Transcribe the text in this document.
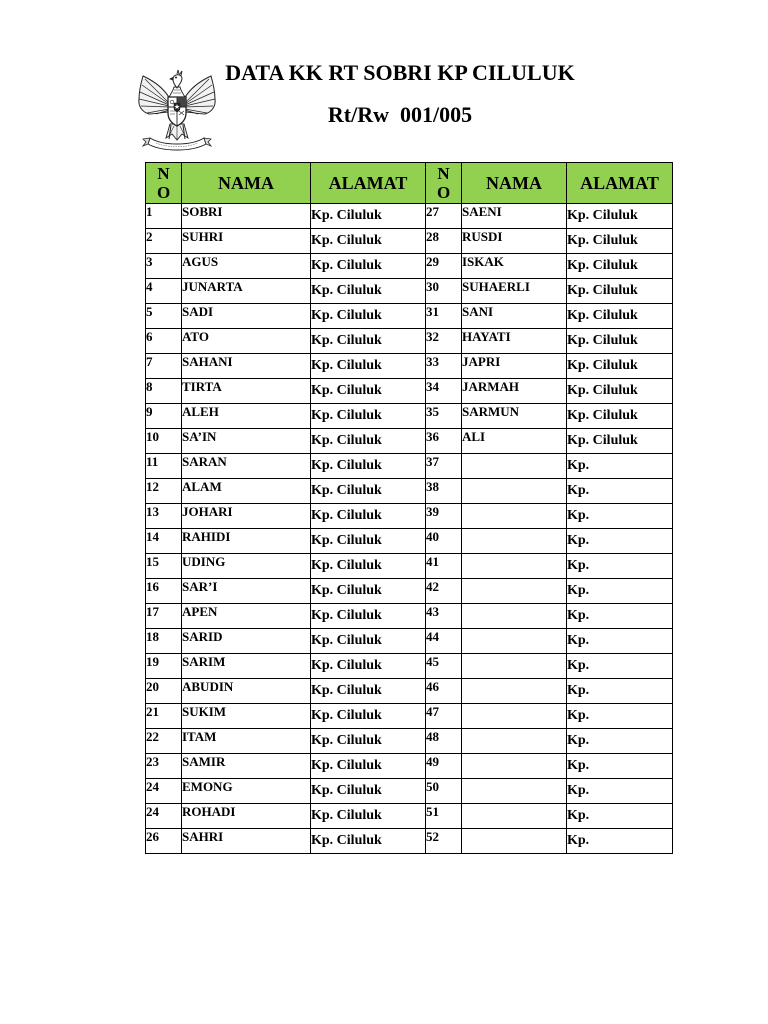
DATA KK RT SOBRI KP CILULUK
Rt/Rw  001/005
NO	NAMA	ALAMAT	NO	NAMA	ALAMAT
1	SOBRI	Kp. Ciluluk	27	SAENI	Kp. Ciluluk
2	SUHRI	Kp. Ciluluk	28	RUSDI	Kp. Ciluluk
3	AGUS	Kp. Ciluluk	29	ISKAK	Kp. Ciluluk
4	JUNARTA	Kp. Ciluluk	30	SUHAERLI	Kp. Ciluluk
5	SADI	Kp. Ciluluk	31	SANI	Kp. Ciluluk
6	ATO	Kp. Ciluluk	32	HAYATI	Kp. Ciluluk
7	SAHANI	Kp. Ciluluk	33	JAPRI	Kp. Ciluluk
8	TIRTA	Kp. Ciluluk	34	JARMAH	Kp. Ciluluk
9	ALEH	Kp. Ciluluk	35	SARMUN	Kp. Ciluluk
10	SA’IN	Kp. Ciluluk	36	ALI	Kp. Ciluluk
11	SARAN	Kp. Ciluluk	37		Kp.
12	ALAM	Kp. Ciluluk	38		Kp.
13	JOHARI	Kp. Ciluluk	39		Kp.
14	RAHIDI	Kp. Ciluluk	40		Kp.
15	UDING	Kp. Ciluluk	41		Kp.
16	SAR’I	Kp. Ciluluk	42		Kp.
17	APEN	Kp. Ciluluk	43		Kp.
18	SARID	Kp. Ciluluk	44		Kp.
19	SARIM	Kp. Ciluluk	45		Kp.
20	ABUDIN	Kp. Ciluluk	46		Kp.
21	SUKIM	Kp. Ciluluk	47		Kp.
22	ITAM	Kp. Ciluluk	48		Kp.
23	SAMIR	Kp. Ciluluk	49		Kp.
24	EMONG	Kp. Ciluluk	50		Kp.
24	ROHADI	Kp. Ciluluk	51		Kp.
26	SAHRI	Kp. Ciluluk	52		Kp.
